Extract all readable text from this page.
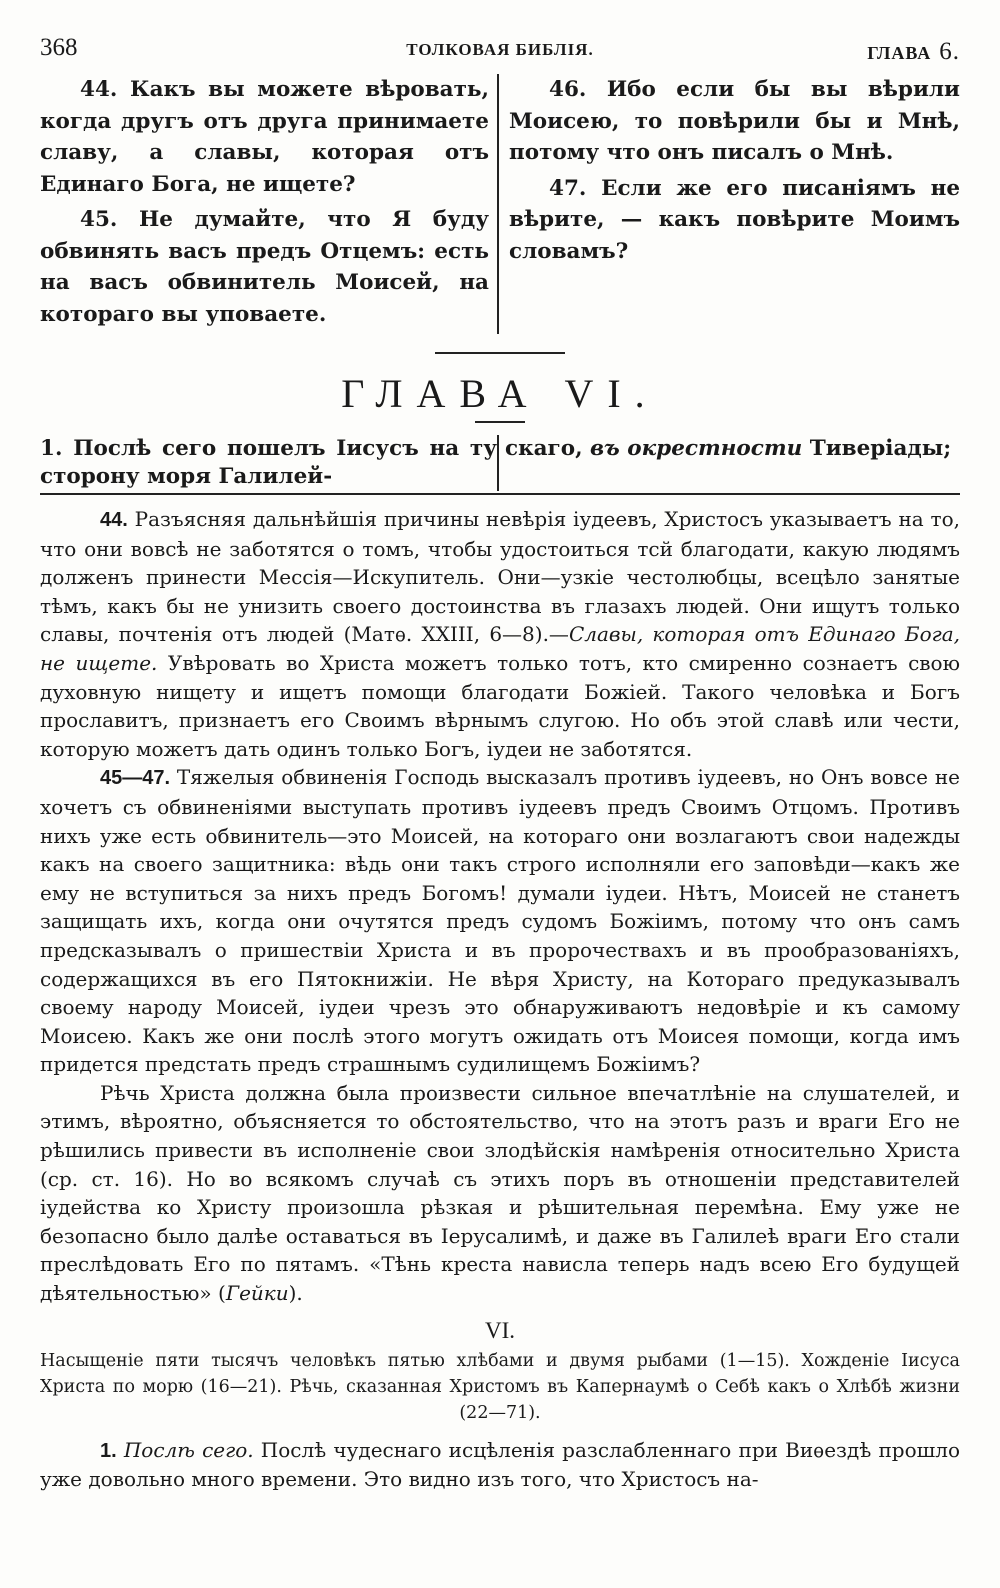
368	ТОЛКОВАЯ БИБЛІЯ.	ГЛАВА 6.

44. Какъ вы можете вѣровать, когда другъ отъ друга принимаете славу, а славы, которая отъ Единаго Бога, не ищете?

45. Не думайте, что Я буду обвинять васъ предъ Отцемъ: есть на васъ обвинитель Моисей, на котораго вы уповаете.

46. Ибо если бы вы вѣрили Моисею, то повѣрили бы и Мнѣ, потому что онъ писалъ о Мнѣ.

47. Если же его писаніямъ не вѣрите, — какъ повѣрите Моимъ словамъ?

ГЛАВА VI.
1. Послѣ сего пошелъ Іисусъ на ту сторону моря Галилей-
скаго, въ окрестности Тиверіады;

44. Разъясняя дальнѣйшія причины невѣрія іудеевъ, Христосъ указываетъ на то, что они вовсѣ не заботятся о томъ, чтобы удостоиться тсй благодати, какую людямъ долженъ принести Мессія—Искупитель. Они—узкіе честолюбцы, всецѣло занятые тѣмъ, какъ бы не унизить своего достоинства въ глазахъ людей. Они ищутъ только славы, почтенія отъ людей (Матѳ. XXIII, 6—8).—Славы, которая отъ Единаго Бога, не ищете. Увѣровать во Христа можетъ только тотъ, кто смиренно сознаетъ свою духовную нищету и ищетъ помощи благодати Божіей. Такого человѣка и Богъ прославитъ, признаетъ его Своимъ вѣрнымъ слугою. Но объ этой славѣ или чести, которую можетъ дать одинъ только Богъ, іудеи не заботятся.

45—47. Тяжелыя обвиненія Господь высказалъ противъ іудеевъ, но Онъ вовсе не хочетъ съ обвиненіями выступать противъ іудеевъ предъ Своимъ Отцомъ. Противъ нихъ уже есть обвинитель—это Моисей, на котораго они возлагаютъ свои надежды какъ на своего защитника: вѣдь они такъ строго исполняли его заповѣди—какъ же ему не вступиться за нихъ предъ Богомъ! думали іудеи. Нѣтъ, Моисей не станетъ защищать ихъ, когда они очутятся предъ судомъ Божіимъ, потому что онъ самъ предсказывалъ о пришествіи Христа и въ пророчествахъ и въ прообразованіяхъ, содержащихся въ его Пятокнижіи. Не вѣря Христу, на Котораго предуказывалъ своему народу Моисей, іудеи чрезъ это обнаруживаютъ недовѣріе и къ самому Моисею. Какъ же они послѣ этого могутъ ожидать отъ Моисея помощи, когда имъ придется предстать предъ страшнымъ судилищемъ Божіимъ?

Рѣчь Христа должна была произвести сильное впечатлѣніе на слушателей, и этимъ, вѣроятно, объясняется то обстоятельство, что на этотъ разъ и враги Его не рѣшились привести въ исполненіе свои злодѣйскія намѣренія относительно Христа (ср. ст. 16). Но во всякомъ случаѣ съ этихъ поръ въ отношеніи представителей іудейства ко Христу произошла рѣзкая и рѣшительная перемѣна. Ему уже не безопасно было далѣе оставаться въ Іерусалимѣ, и даже въ Галилеѣ враги Его стали преслѣдовать Его по пятамъ. «Тѣнь креста нависла теперь надъ всею Его будущей дѣятельностью» (Гейки).

VI.

Насыщеніе пяти тысячъ человѣкъ пятью хлѣбами и двумя рыбами (1—15). Хожденіе Іисуса Христа по морю (16—21). Рѣчь, сказанная Христомъ въ Капернаумѣ о Себѣ какъ о Хлѣбѣ жизни (22—71).

1. Послѣ сего. Послѣ чудеснаго исцѣленія разслабленнаго при Виѳездѣ прошло уже довольно много времени. Это видно изъ того, что Христосъ на-
